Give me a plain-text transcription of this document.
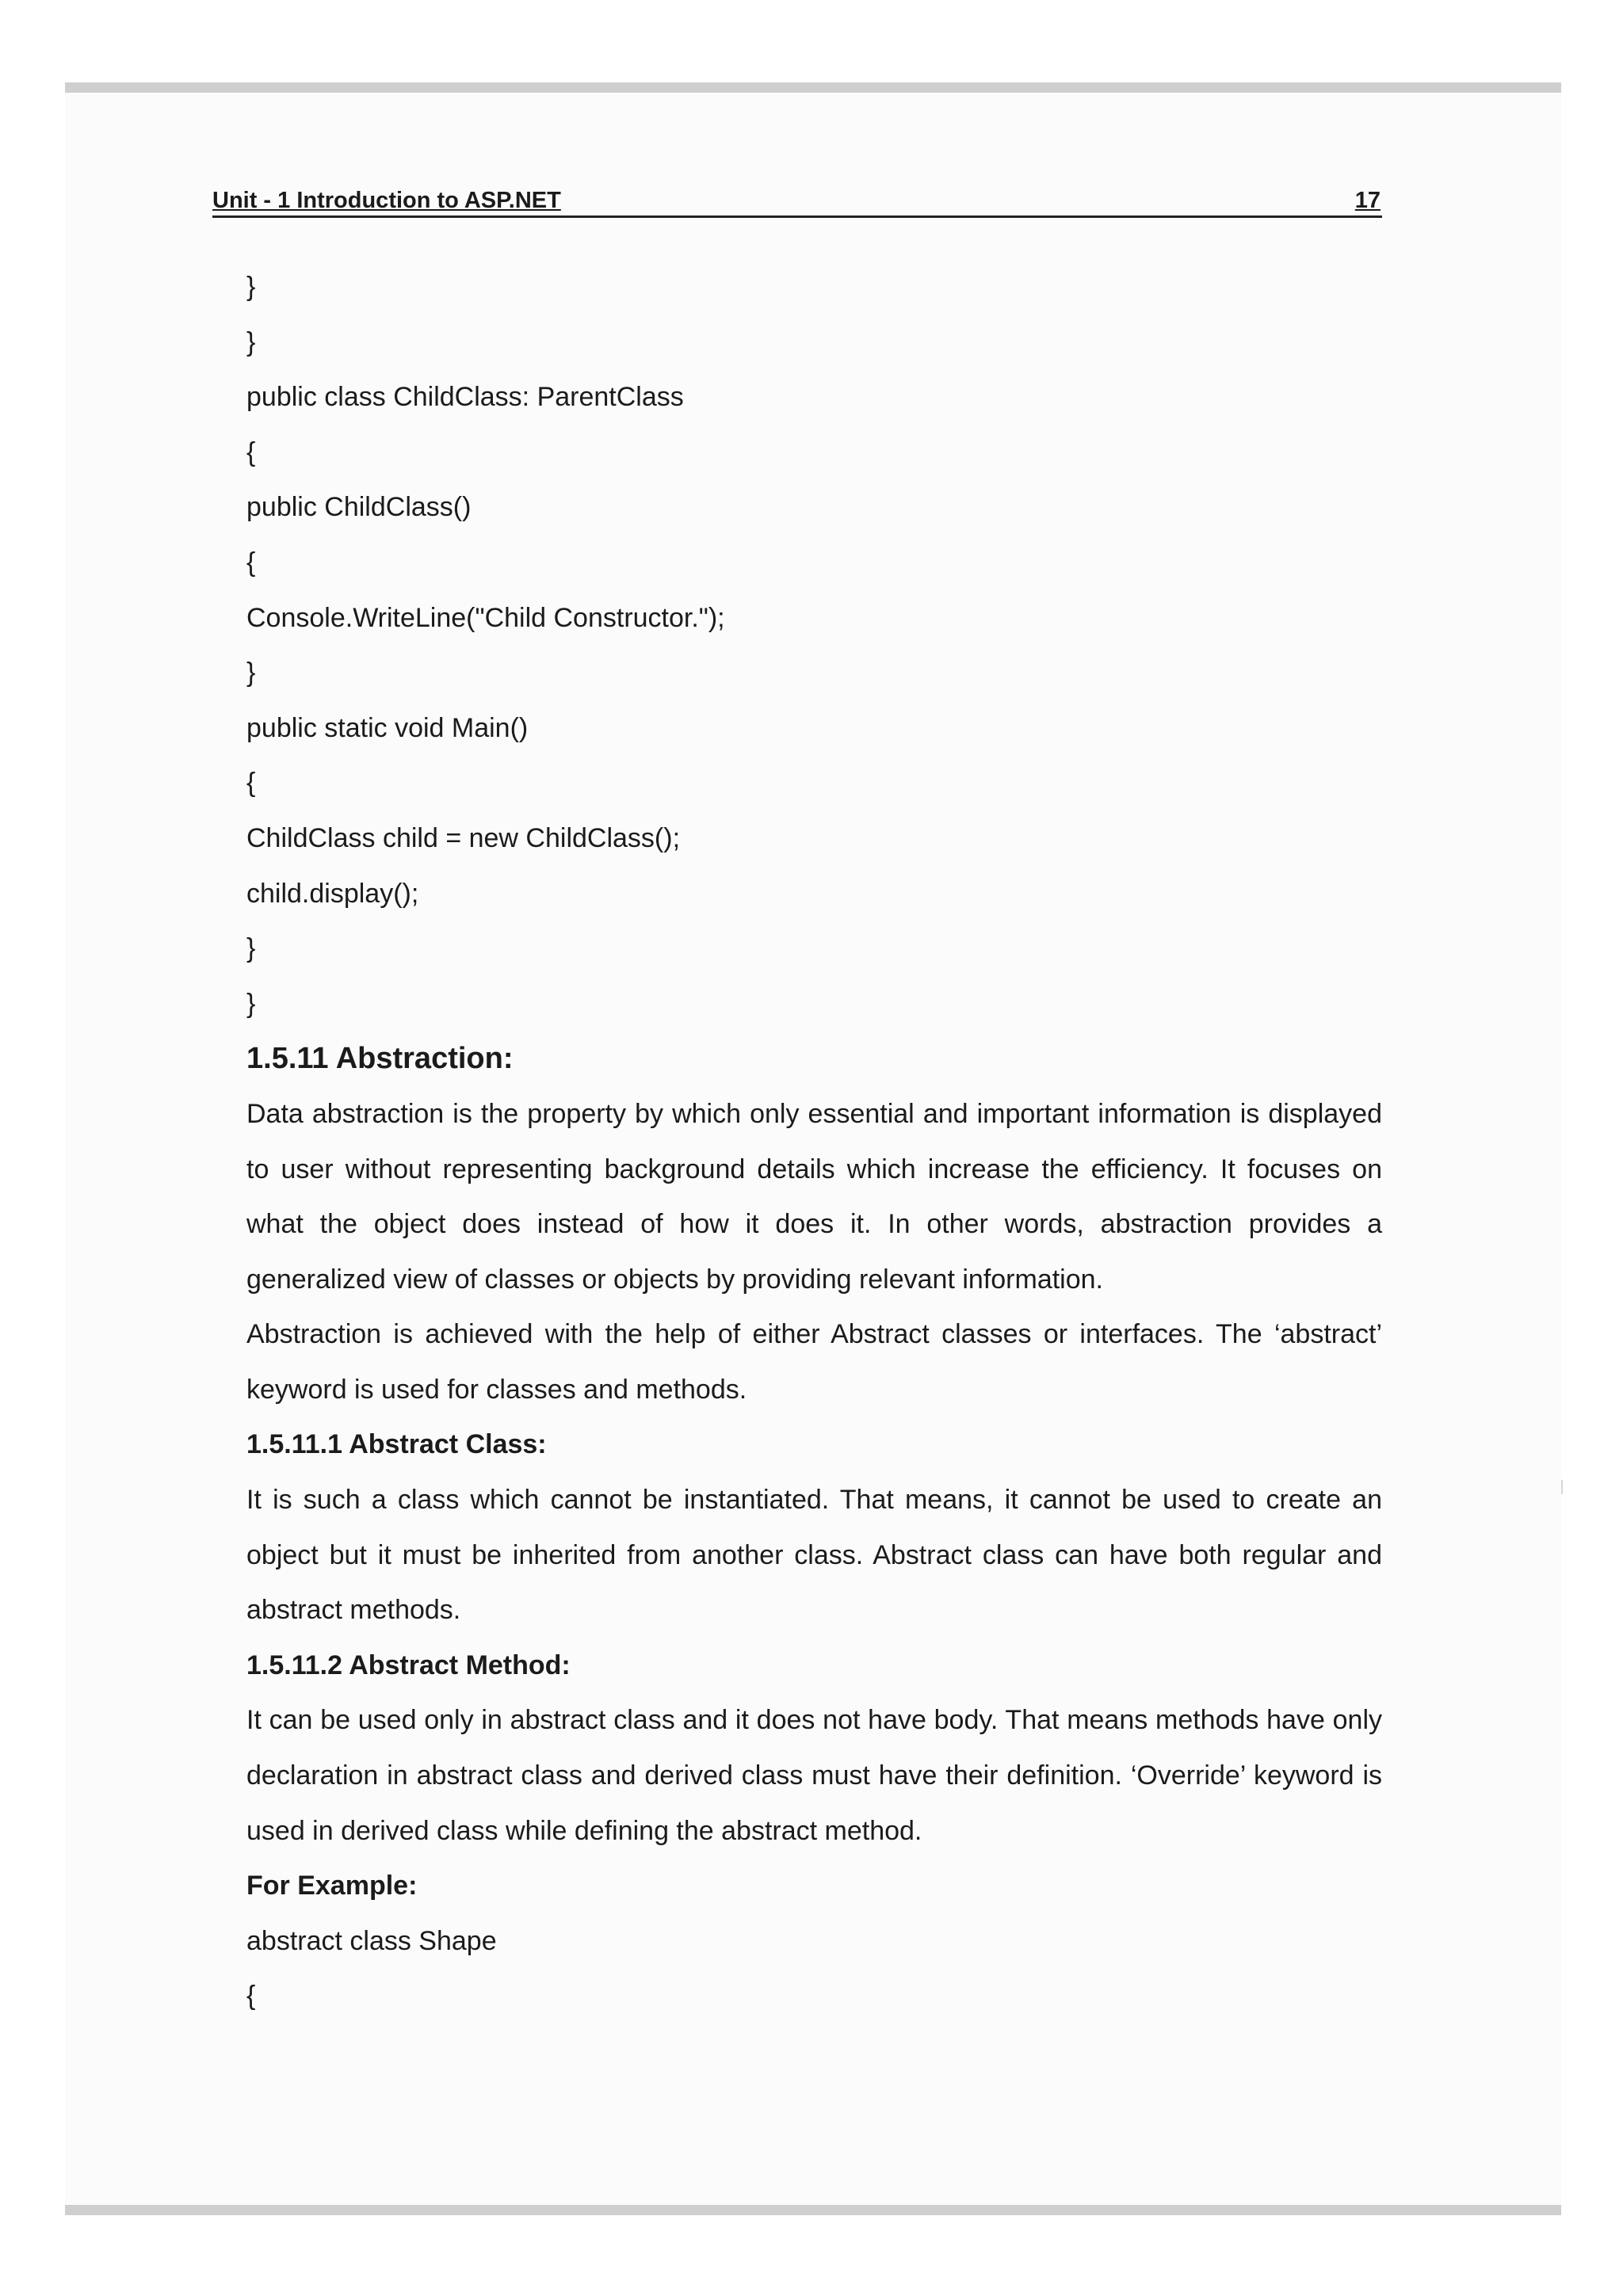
Unit - 1 Introduction to ASP.NET	17
}
}
public class ChildClass: ParentClass
{
public ChildClass()
{
Console.WriteLine("Child Constructor.");
}
public static void Main()
{
ChildClass child = new ChildClass();
child.display();
}
}
1.5.11 Abstraction:
Data abstraction is the property by which only essential and important information is displayed to user without representing background details which increase the efficiency. It focuses on what the object does instead of how it does it. In other words, abstraction provides a generalized view of classes or objects by providing relevant information.
Abstraction is achieved with the help of either Abstract classes or interfaces. The ‘abstract’ keyword is used for classes and methods.
1.5.11.1 Abstract Class:
It is such a class which cannot be instantiated. That means, it cannot be used to create an object but it must be inherited from another class. Abstract class can have both regular and abstract methods.
1.5.11.2 Abstract Method:
It can be used only in abstract class and it does not have body. That means methods have only declaration in abstract class and derived class must have their definition. ‘Override’ keyword is used in derived class while defining the abstract method.
For Example:
abstract class Shape
{
